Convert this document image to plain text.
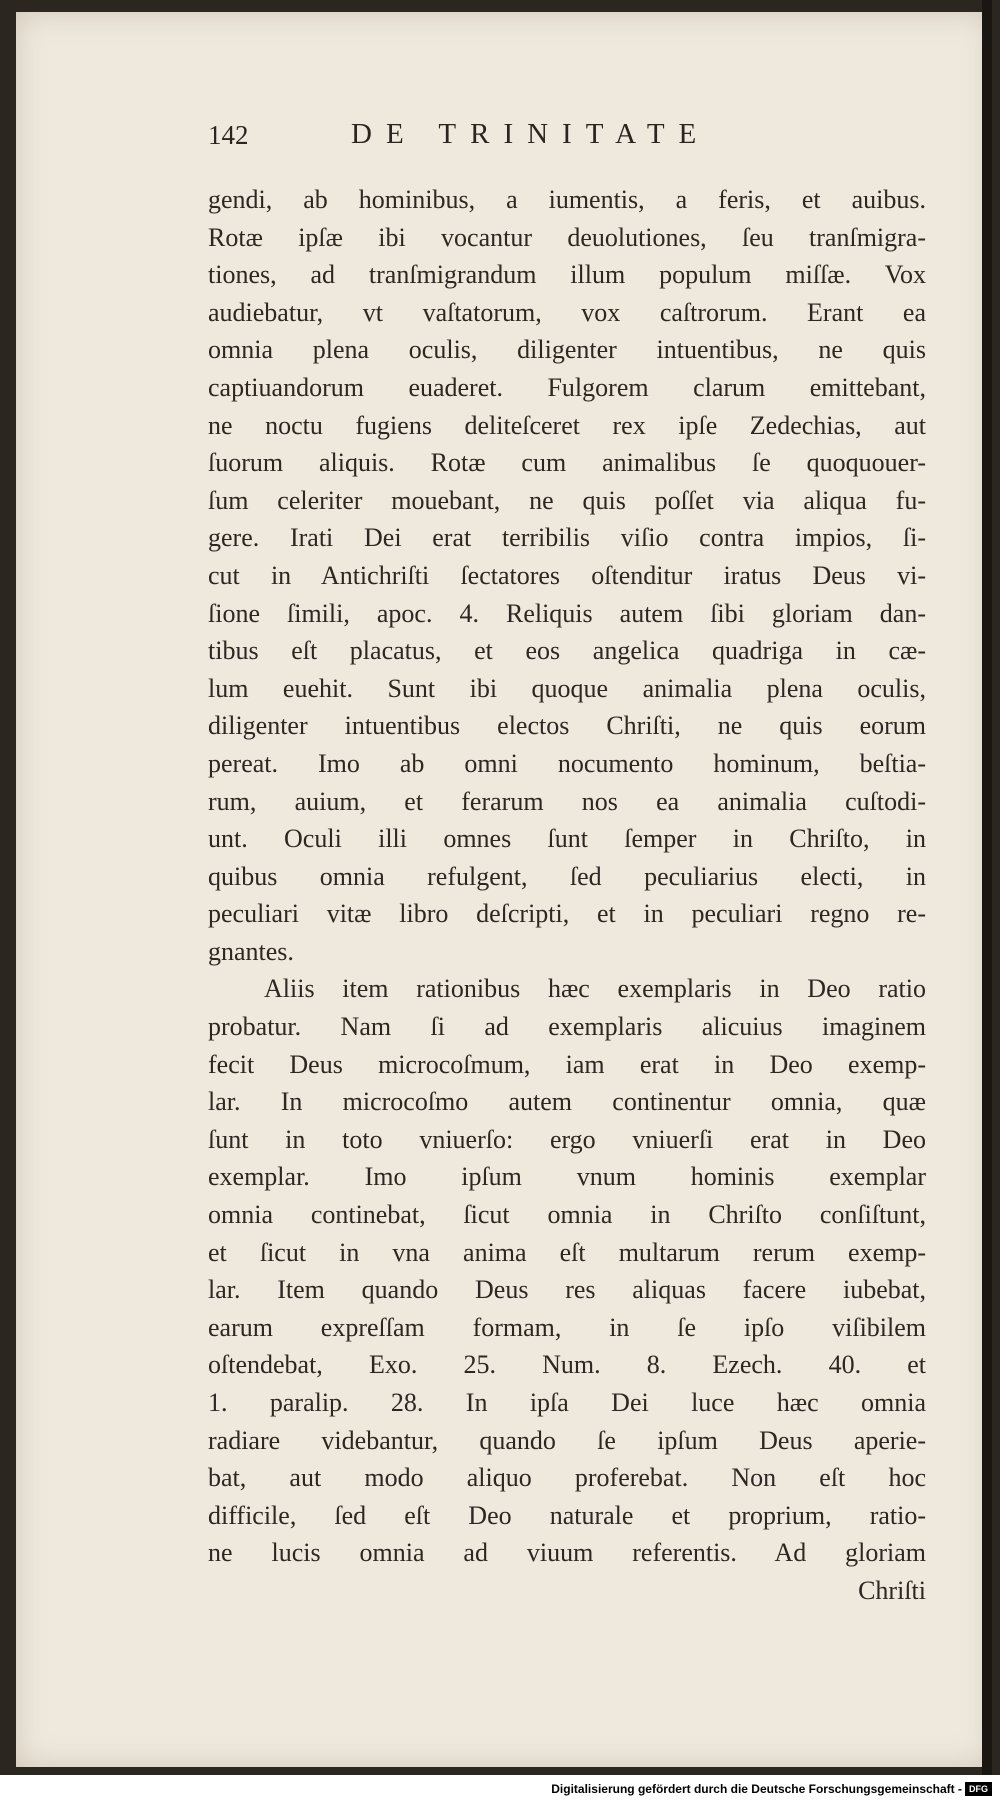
142	DE TRINITATE
gendi, ab hominibus, a iumentis, a feris, et auibus.
Rotæ ipſæ ibi vocantur deuolutiones, ſeu tranſmigra-
tiones, ad tranſmigrandum illum populum miſſæ. Vox
audiebatur, vt vaſtatorum, vox caſtrorum. Erant ea
omnia plena oculis, diligenter intuentibus, ne quis
captiuandorum euaderet. Fulgorem clarum emittebant,
ne noctu fugiens deliteſceret rex ipſe Zedechias, aut
ſuorum aliquis. Rotæ cum animalibus ſe quoquouer-
ſum celeriter mouebant, ne quis poſſet via aliqua fu-
gere. Irati Dei erat terribilis viſio contra impios, ſi-
cut in Antichriſti ſectatores oſtenditur iratus Deus vi-
ſione ſimili, apoc. 4. Reliquis autem ſibi gloriam dan-
tibus eſt placatus, et eos angelica quadriga in cæ-
lum euehit. Sunt ibi quoque animalia plena oculis,
diligenter intuentibus electos Chriſti, ne quis eorum
pereat. Imo ab omni nocumento hominum, beſtia-
rum, auium, et ferarum nos ea animalia cuſtodi-
unt. Oculi illi omnes ſunt ſemper in Chriſto, in
quibus omnia refulgent, ſed peculiarius electi, in
peculiari vitæ libro deſcripti, et in peculiari regno re-
gnantes.
Aliis item rationibus hæc exemplaris in Deo ratio
probatur. Nam ſi ad exemplaris alicuius imaginem
fecit Deus microcoſmum, iam erat in Deo exemp-
lar. In microcoſmo autem continentur omnia, quæ
ſunt in toto vniuerſo: ergo vniuerſi erat in Deo
exemplar. Imo ipſum vnum hominis exemplar
omnia continebat, ſicut omnia in Chriſto conſiſtunt,
et ſicut in vna anima eſt multarum rerum exemp-
lar. Item quando Deus res aliquas facere iubebat,
earum expreſſam formam, in ſe ipſo viſibilem
oſtendebat, Exo. 25. Num. 8. Ezech. 40. et
1. paralip. 28. In ipſa Dei luce hæc omnia
radiare videbantur, quando ſe ipſum Deus aperie-
bat, aut modo aliquo proferebat. Non eſt hoc
difficile, ſed eſt Deo naturale et proprium, ratio-
ne lucis omnia ad viuum referentis. Ad gloriam
Chriſti
Digitalisierung gefördert durch die Deutsche Forschungsgemeinschaft - DFG
